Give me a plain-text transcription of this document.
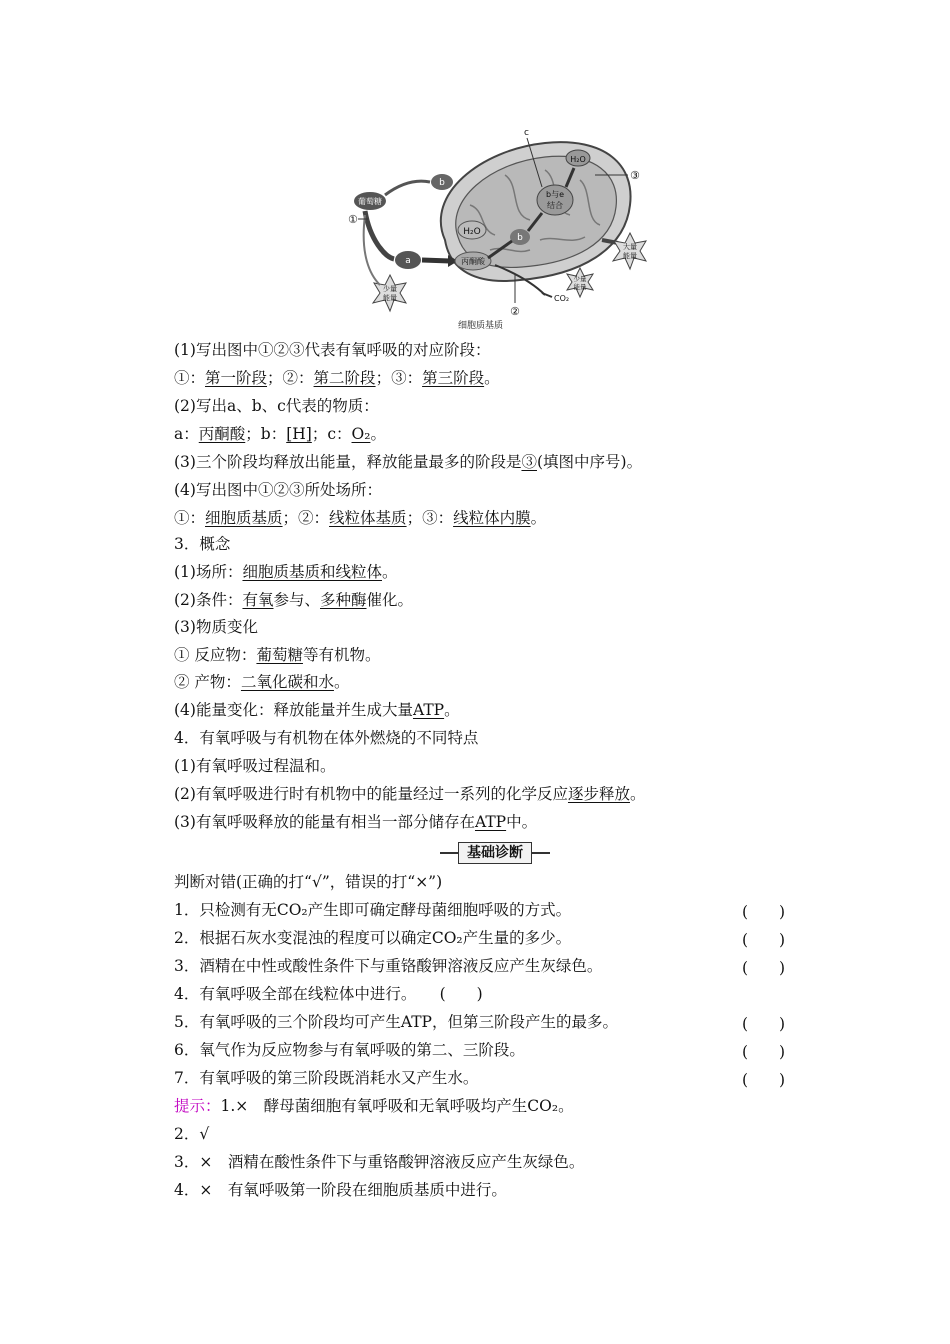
葡萄糖
b
a
少量
能量
①
H₂O
丙酮酸
b
b与e
结合
H₂O
c
③
大量
能量
少量
能量
CO₂
②
细胞质基质
(1)写出图中①②③代表有氧呼吸的对应阶段：
①：第一阶段；②：第二阶段；③：第三阶段。
(2)写出a、b、c代表的物质：
a：丙酮酸；b：[H]；c：O₂。
(3)三个阶段均释放出能量，释放能量最多的阶段是③(填图中序号)。
(4)写出图中①②③所处场所：
①：细胞质基质；②：线粒体基质；③：线粒体内膜。
3．概念
(1)场所：细胞质基质和线粒体。
(2)条件：有氧参与、多种酶催化。
(3)物质变化
① 反应物：葡萄糖等有机物。
② 产物：二氧化碳和水。
(4)能量变化：释放能量并生成大量ATP。
4．有氧呼吸与有机物在体外燃烧的不同特点
(1)有氧呼吸过程温和。
(2)有氧呼吸进行时有机物中的能量经过一系列的化学反应逐步释放。
(3)有氧呼吸释放的能量有相当一部分储存在ATP中。
基础诊断
判断对错(正确的打“√”，错误的打“×”)
1．只检测有无CO₂产生即可确定酵母菌细胞呼吸的方式。	(　　)
2．根据石灰水变混浊的程度可以确定CO₂产生量的多少。	(　　)
3．酒精在中性或酸性条件下与重铬酸钾溶液反应产生灰绿色。	(　　)
4．有氧呼吸全部在线粒体中进行。　　(　　)
5．有氧呼吸的三个阶段均可产生ATP，但第三阶段产生的最多。	(　　)
6．氧气作为反应物参与有氧呼吸的第二、三阶段。	(　　)
7．有氧呼吸的第三阶段既消耗水又产生水。	(　　)
提示：1.×　酵母菌细胞有氧呼吸和无氧呼吸均产生CO₂。
2．√
3．×　酒精在酸性条件下与重铬酸钾溶液反应产生灰绿色。
4．×　有氧呼吸第一阶段在细胞质基质中进行。
